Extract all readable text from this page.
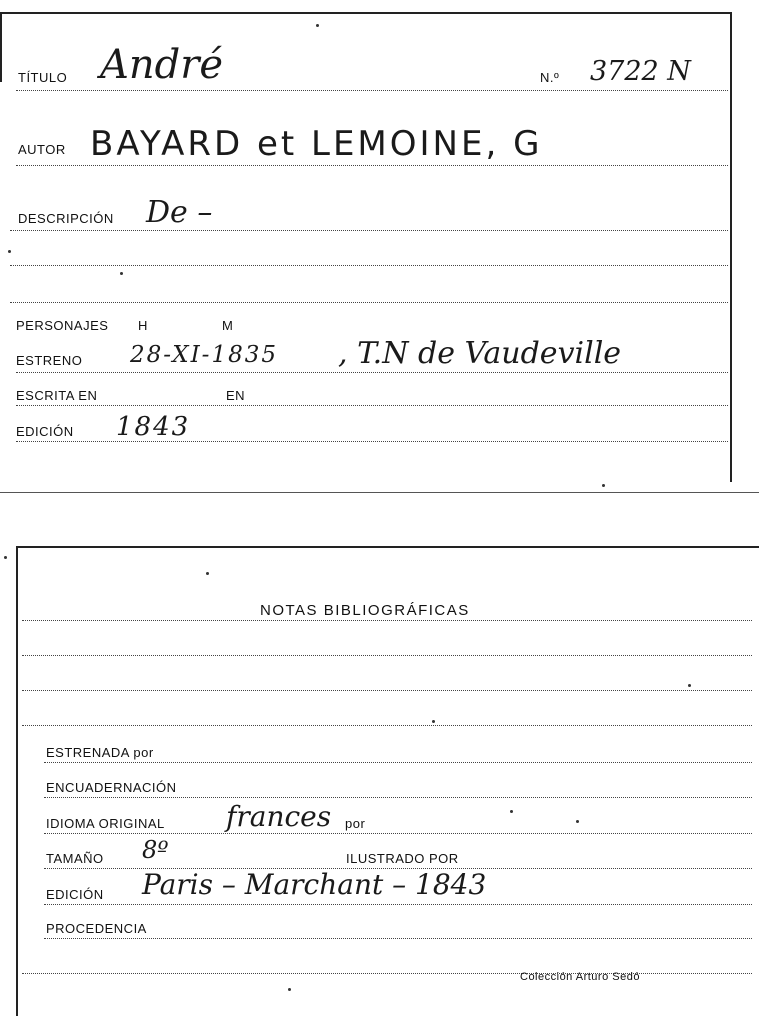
TÍTULO André	N.º 3722 N
AUTOR BAYARD et LEMOINE, G
DESCRIPCIÓN De –
PERSONAJES H	M
ESTRENO 28-XI-1835 , T.N de Vaudeville
ESCRITA EN	EN
EDICIÓN 1843
NOTAS BIBLIOGRÁFICAS
ESTRENADA por
ENCUADERNACIÓN
IDIOMA ORIGINAL frances por
TAMAÑO 8º	ILUSTRADO POR
EDICIÓN Paris – Marchant – 1843
PROCEDENCIA
Colección Arturo Sedó
